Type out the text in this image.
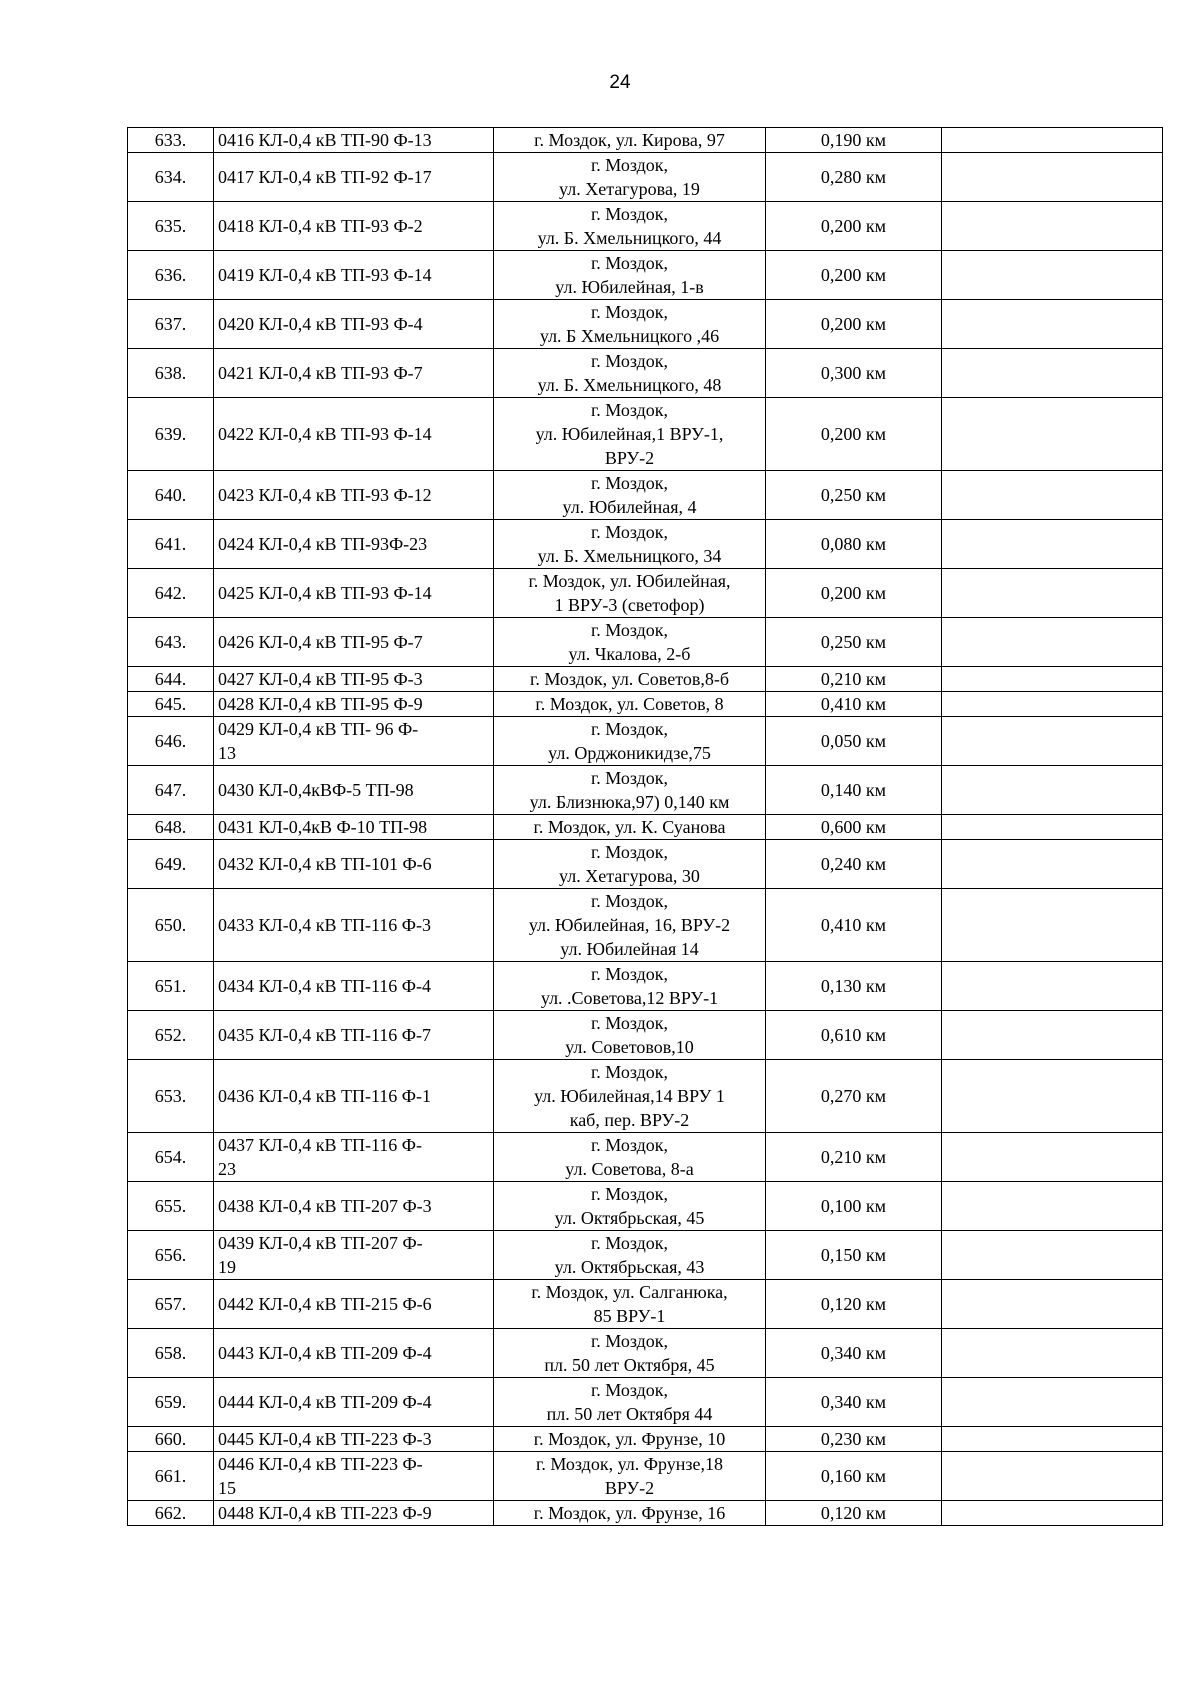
24
633.	0416 КЛ-0,4 кВ ТП-90 Ф-13	г. Моздок, ул. Кирова, 97	0,190 км	
634.	0417 КЛ-0,4 кВ ТП-92 Ф-17	г. Моздок,
ул. Хетагурова, 19	0,280 км	
635.	0418 КЛ-0,4 кВ ТП-93 Ф-2	г. Моздок,
ул. Б. Хмельницкого, 44	0,200 км	
636.	0419 КЛ-0,4 кВ ТП-93 Ф-14	г. Моздок,
ул. Юбилейная, 1-в	0,200 км	
637.	0420 КЛ-0,4 кВ ТП-93 Ф-4	г. Моздок,
ул. Б Хмельницкого ,46	0,200 км	
638.	0421 КЛ-0,4 кВ ТП-93 Ф-7	г. Моздок,
ул. Б. Хмельницкого, 48	0,300 км	
639.	0422 КЛ-0,4 кВ ТП-93 Ф-14	г. Моздок,
ул. Юбилейная,1 ВРУ-1,
ВРУ-2	0,200 км	
640.	0423 КЛ-0,4 кВ ТП-93 Ф-12	г. Моздок,
ул. Юбилейная, 4	0,250 км	
641.	0424 КЛ-0,4 кВ ТП-93Ф-23	г. Моздок,
ул. Б. Хмельницкого, 34	0,080 км	
642.	0425 КЛ-0,4 кВ ТП-93 Ф-14	г. Моздок, ул. Юбилейная,
1 ВРУ-3 (светофор)	0,200 км	
643.	0426 КЛ-0,4 кВ ТП-95 Ф-7	г. Моздок,
ул. Чкалова, 2-б	0,250 км	
644.	0427 КЛ-0,4 кВ ТП-95 Ф-3	г. Моздок, ул. Советов,8-б	0,210 км	
645.	0428 КЛ-0,4 кВ ТП-95 Ф-9	г. Моздок, ул. Советов, 8	0,410 км	
646.	0429 КЛ-0,4 кВ ТП- 96 Ф-
13	г. Моздок,
ул. Орджоникидзе,75	0,050 км	
647.	0430 КЛ-0,4кВФ-5 ТП-98	г. Моздок,
ул. Близнюка,97) 0,140 км	0,140 км	
648.	0431 КЛ-0,4кВ Ф-10 ТП-98	г. Моздок, ул. К. Суанова	0,600 км	
649.	0432 КЛ-0,4 кВ ТП-101 Ф-6	г. Моздок,
ул. Хетагурова, 30	0,240 км	
650.	0433 КЛ-0,4 кВ ТП-116 Ф-3	г. Моздок,
ул. Юбилейная, 16, ВРУ-2
ул. Юбилейная 14	0,410 км	
651.	0434 КЛ-0,4 кВ ТП-116 Ф-4	г. Моздок,
ул. .Советова,12 ВРУ-1	0,130 км	
652.	0435 КЛ-0,4 кВ ТП-116 Ф-7	г. Моздок,
ул. Советовов,10	0,610 км	
653.	0436 КЛ-0,4 кВ ТП-116 Ф-1	г. Моздок,
ул. Юбилейная,14 ВРУ 1
каб, пер. ВРУ-2	0,270 км	
654.	0437 КЛ-0,4 кВ ТП-116 Ф-
23	г. Моздок,
ул. Советова, 8-а	0,210 км	
655.	0438 КЛ-0,4 кВ ТП-207 Ф-3	г. Моздок,
ул. Октябрьская, 45	0,100 км	
656.	0439 КЛ-0,4 кВ ТП-207 Ф-
19	г. Моздок,
ул. Октябрьская, 43	0,150 км	
657.	0442 КЛ-0,4 кВ ТП-215 Ф-6	г. Моздок, ул. Салганюка,
85 ВРУ-1	0,120 км	
658.	0443 КЛ-0,4 кВ ТП-209 Ф-4	г. Моздок,
пл. 50 лет Октября, 45	0,340 км	
659.	0444 КЛ-0,4 кВ ТП-209 Ф-4	г. Моздок,
пл. 50 лет Октября 44	0,340 км	
660.	0445 КЛ-0,4 кВ ТП-223 Ф-3	г. Моздок, ул. Фрунзе, 10	0,230 км	
661.	0446 КЛ-0,4 кВ ТП-223 Ф-
15	г. Моздок, ул. Фрунзе,18
ВРУ-2	0,160 км	
662.	0448 КЛ-0,4 кВ ТП-223 Ф-9	г. Моздок, ул. Фрунзе, 16	0,120 км	
